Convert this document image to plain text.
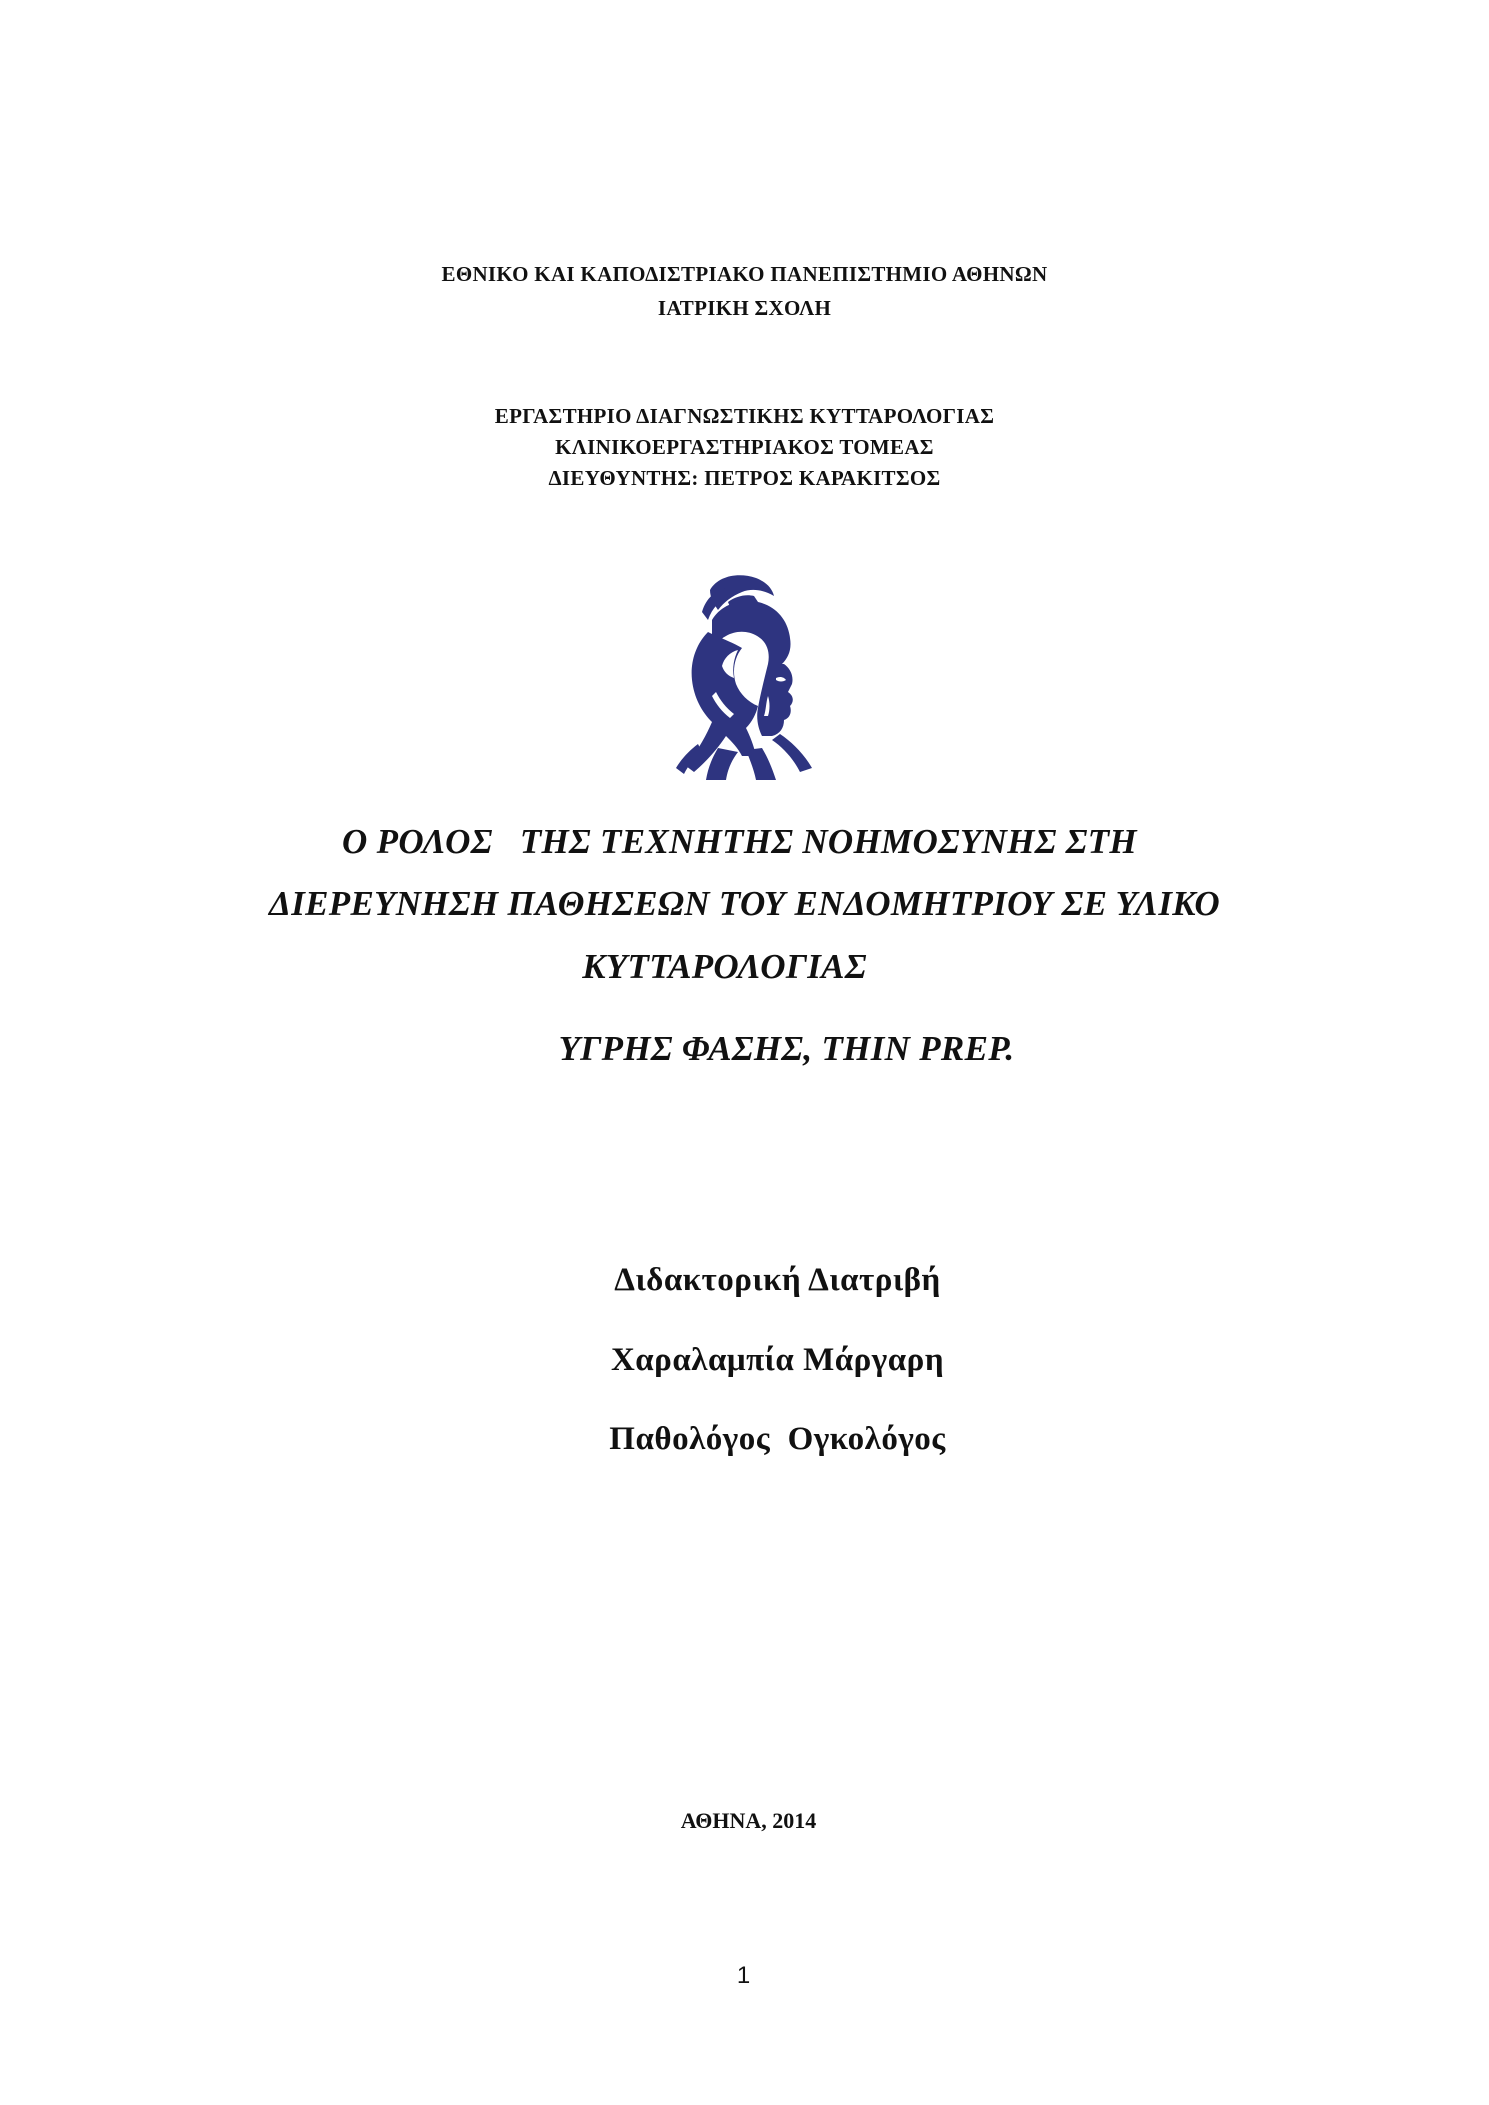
ΕΘΝΙΚΟ ΚΑΙ ΚΑΠΟΔΙΣΤΡΙΑΚΟ ΠΑΝΕΠΙΣΤΗΜΙΟ ΑΘΗΝΩΝ
ΙΑΤΡΙΚΗ ΣΧΟΛΗ
ΕΡΓΑΣΤΗΡΙΟ ΔΙΑΓΝΩΣΤΙΚΗΣ ΚΥΤΤΑΡΟΛΟΓΙΑΣ
ΚΛΙΝΙΚΟΕΡΓΑΣΤΗΡΙΑΚΟΣ ΤΟΜΕΑΣ
ΔΙΕΥΘΥΝΤΗΣ: ΠΕΤΡΟΣ ΚΑΡΑΚΙΤΣΟΣ
Ο ΡΟΛΟΣ   ΤΗΣ ΤΕΧΝΗΤΗΣ ΝΟΗΜΟΣΥΝΗΣ ΣΤΗ
ΔΙΕΡΕΥΝΗΣΗ ΠΑΘΗΣΕΩΝ ΤΟΥ ΕΝΔΟΜΗΤΡΙΟΥ ΣΕ ΥΛΙΚΟ
ΚΥΤΤΑΡΟΛΟΓΙΑΣ
ΥΓΡΗΣ ΦΑΣΗΣ, THIN PREP.
Διδακτορική Διατριβή
Χαραλαμπία Μάργαρη
Παθολόγος  Ογκολόγος
ΑΘΗΝΑ, 2014
1
